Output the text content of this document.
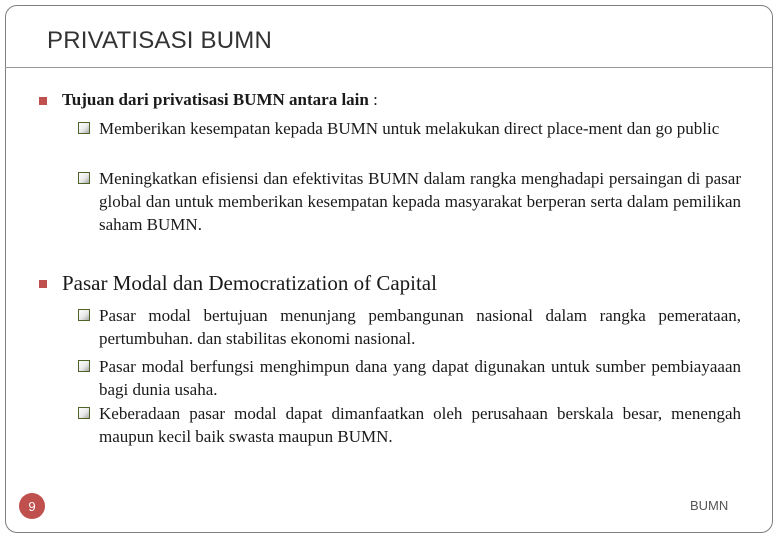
PRIVATISASI BUMN
Tujuan dari privatisasi BUMN antara lain :
Memberikan kesempatan kepada BUMN untuk melakukan direct place-ment dan go public
Meningkatkan efisiensi dan efektivitas BUMN dalam rangka menghadapi persaingan di pasar global dan untuk memberikan kesempatan kepada masyarakat berperan serta dalam pemilikan saham BUMN.
Pasar Modal dan Democratization of Capital
Pasar modal bertujuan menunjang pembangunan nasional dalam rangka pemerataan, pertumbuhan. dan stabilitas ekonomi nasional.
Pasar modal berfungsi menghimpun dana yang dapat digunakan untuk sumber pembiayaaan bagi dunia usaha.
Keberadaan pasar modal dapat dimanfaatkan oleh perusahaan berskala besar, menengah maupun kecil baik swasta maupun BUMN.
9	BUMN
